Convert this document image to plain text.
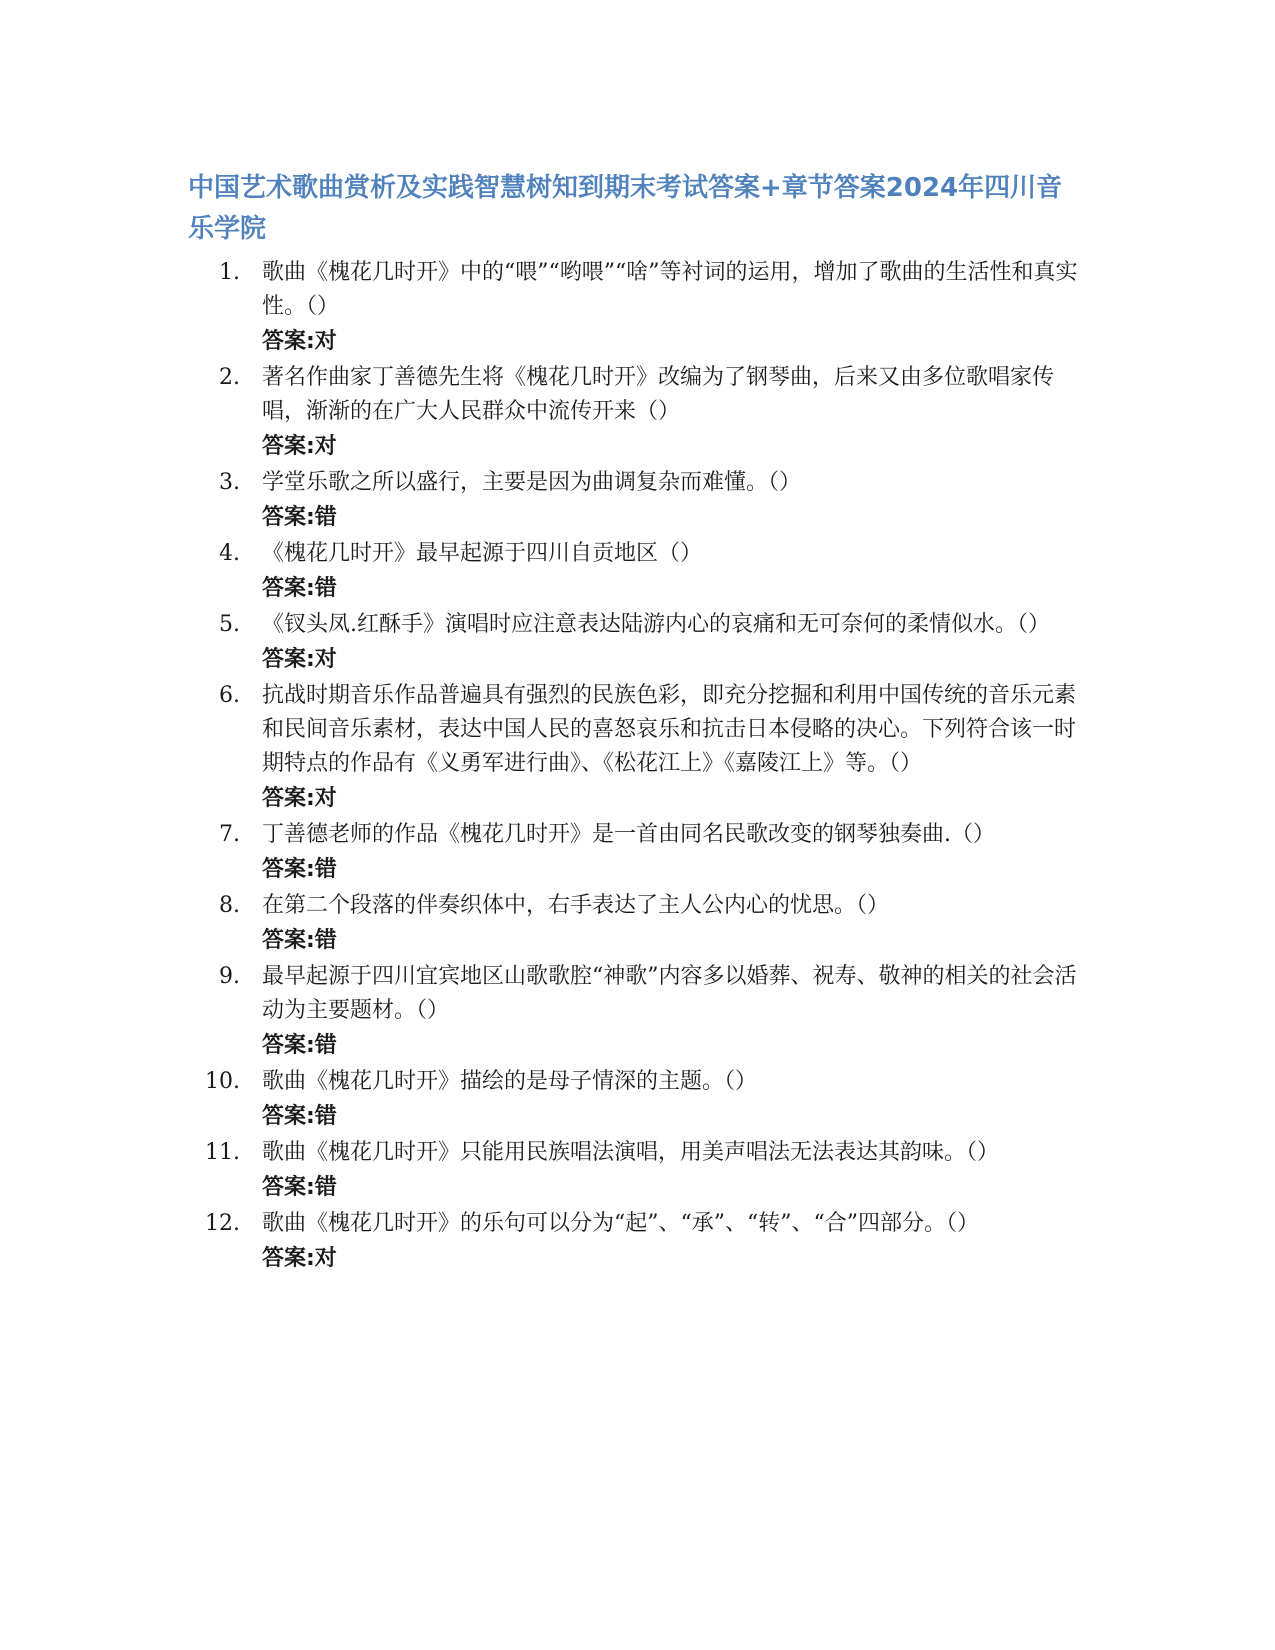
中国艺术歌曲赏析及实践智慧树知到期末考试答案+章节答案2024年四川音乐学院
1. 歌曲《槐花几时开》中的“喂”“哟喂”“啥”等衬词的运用，增加了歌曲的生活性和真实性。（）

答案:对

2. 著名作曲家丁善德先生将《槐花几时开》改编为了钢琴曲，后来又由多位歌唱家传唱，渐渐的在广大人民群众中流传开来（）

答案:对

3. 学堂乐歌之所以盛行，主要是因为曲调复杂而难懂。（）

答案:错

4. 《槐花几时开》最早起源于四川自贡地区（）

答案:错

5. 《钗头凤.红酥手》演唱时应注意表达陆游内心的哀痛和无可奈何的柔情似水。（）

答案:对

6. 抗战时期音乐作品普遍具有强烈的民族色彩，即充分挖掘和利用中国传统的音乐元素和民间音乐素材，表达中国人民的喜怒哀乐和抗击日本侵略的决心。下列符合该一时期特点的作品有《义勇军进行曲》、《松花江上》《嘉陵江上》等。（）

答案:对

7. 丁善德老师的作品《槐花几时开》是一首由同名民歌改变的钢琴独奏曲.（）

答案:错

8. 在第二个段落的伴奏织体中，右手表达了主人公内心的忧思。（）

答案:错

9. 最早起源于四川宜宾地区山歌歌腔“神歌”内容多以婚葬、祝寿、敬神的相关的社会活动为主要题材。（）

答案:错

10. 歌曲《槐花几时开》描绘的是母子情深的主题。（）

答案:错

11. 歌曲《槐花几时开》只能用民族唱法演唱，用美声唱法无法表达其韵味。（）

答案:错

12. 歌曲《槐花几时开》的乐句可以分为“起”、“承”、“转”、“合”四部分。（）

答案:对
